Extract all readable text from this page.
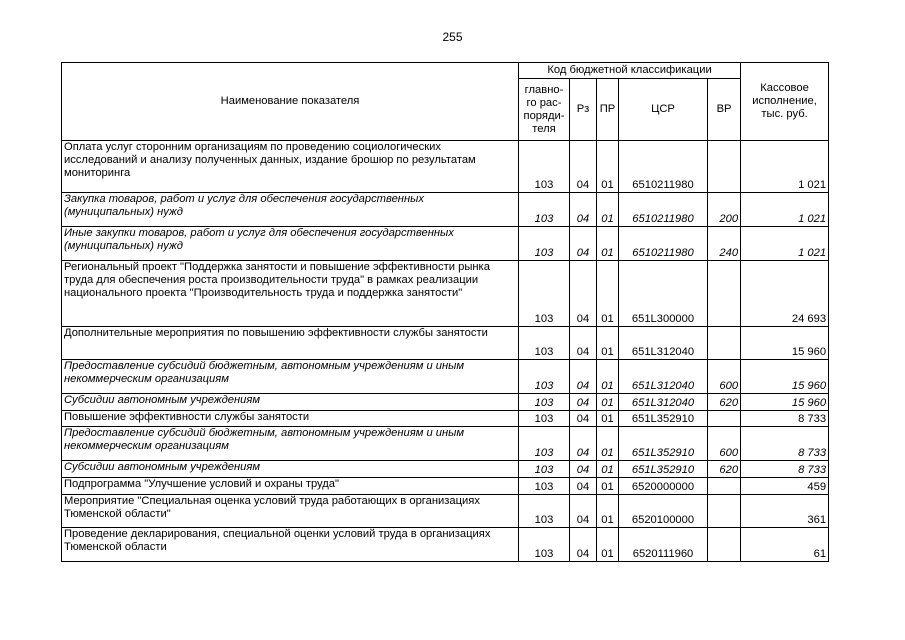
255
Наименование показателя	Код бюджетной классификации					Кассовое исполнение, тыс. руб.
	главно-го рас-поряди-теля	Рз	ПР	ЦСР	ВР	
Оплата услуг сторонним организациям по проведению социологических исследований и анализу полученных данных, издание брошюр по результатам мониторинга	103	04	01	6510211980		1 021
Закупка товаров, работ и услуг для обеспечения государственных (муниципальных) нужд	103	04	01	6510211980	200	1 021
Иные закупки товаров, работ и услуг для обеспечения государственных (муниципальных) нужд	103	04	01	6510211980	240	1 021
Региональный проект "Поддержка занятости и повышение эффективности рынка труда для обеспечения роста производительности труда" в рамках реализации национального проекта "Производительность труда и поддержка занятости"	103	04	01	651L300000		24 693
Дополнительные мероприятия по повышению эффективности службы занятости	103	04	01	651L312040		15 960
Предоставление субсидий бюджетным, автономным учреждениям и иным некоммерческим организациям	103	04	01	651L312040	600	15 960
Субсидии автономным учреждениям	103	04	01	651L312040	620	15 960
Повышение эффективности службы занятости	103	04	01	651L352910		8 733
Предоставление субсидий бюджетным, автономным учреждениям и иным некоммерческим организациям	103	04	01	651L352910	600	8 733
Субсидии автономным учреждениям	103	04	01	651L352910	620	8 733
Подпрограмма "Улучшение условий и охраны труда"	103	04	01	6520000000		459
Мероприятие "Специальная оценка условий труда работающих в организациях Тюменской области"	103	04	01	6520100000		361
Проведение декларирования, специальной оценки условий труда в организациях Тюменской области	103	04	01	6520111960		61
